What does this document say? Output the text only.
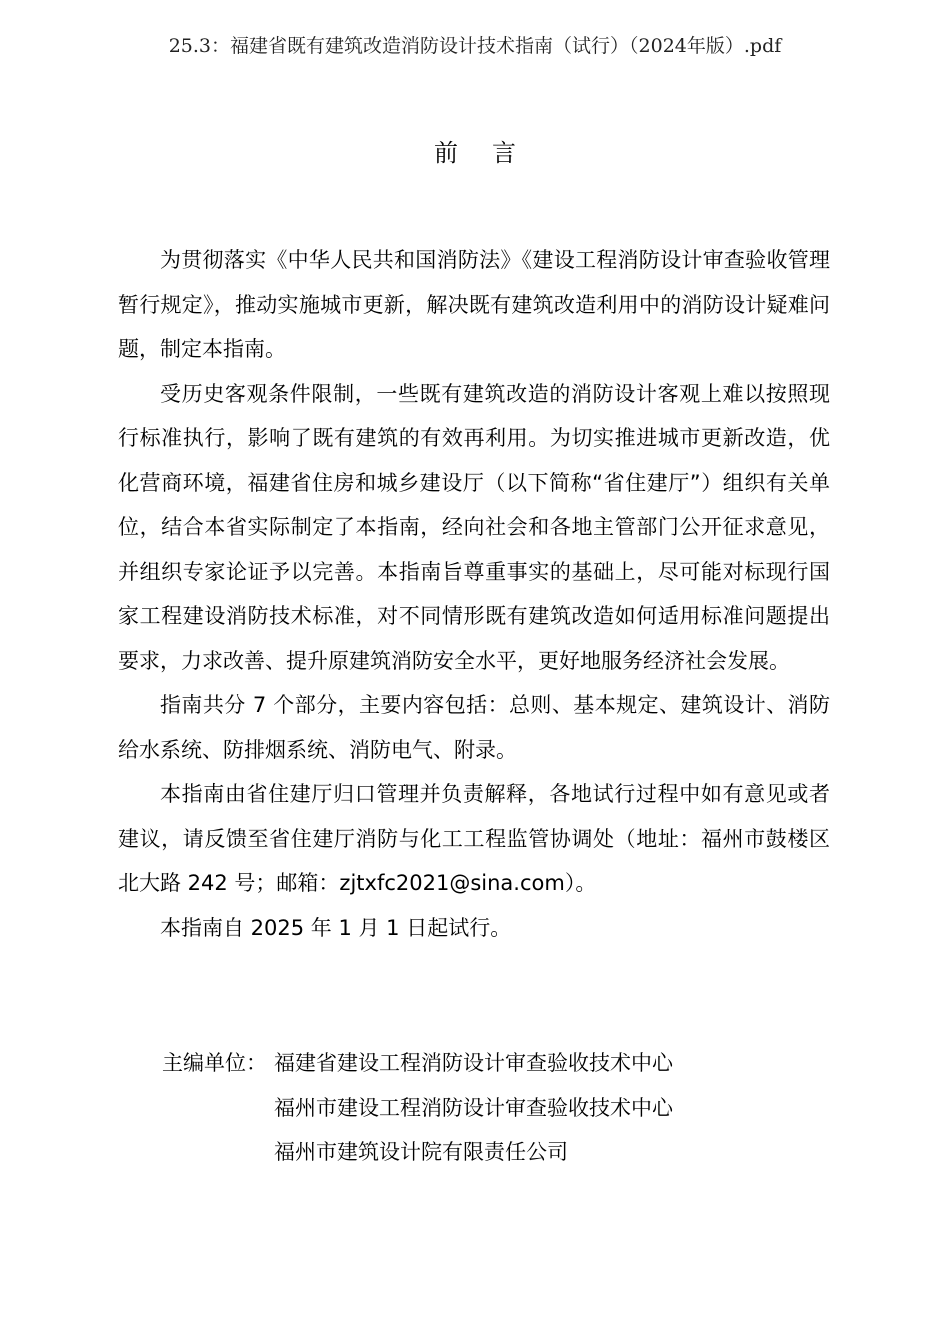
25.3：福建省既有建筑改造消防设计技术指南（试行）（2024年版）.pdf
前言

为贯彻落实《中华人民共和国消防法》《建设工程消防设计审查验收管理暂行规定》，推动实施城市更新，解决既有建筑改造利用中的消防设计疑难问题，制定本指南。

受历史客观条件限制，一些既有建筑改造的消防设计客观上难以按照现行标准执行，影响了既有建筑的有效再利用。为切实推进城市更新改造，优化营商环境，福建省住房和城乡建设厅（以下简称“省住建厅”）组织有关单位，结合本省实际制定了本指南，经向社会和各地主管部门公开征求意见，并组织专家论证予以完善。本指南旨尊重事实的基础上，尽可能对标现行国家工程建设消防技术标准，对不同情形既有建筑改造如何适用标准问题提出要求，力求改善、提升原建筑消防安全水平，更好地服务经济社会发展。

指南共分 7 个部分，主要内容包括：总则、基本规定、建筑设计、消防给水系统、防排烟系统、消防电气、附录。

本指南由省住建厅归口管理并负责解释，各地试行过程中如有意见或者建议，请反馈至省住建厅消防与化工工程监管协调处（地址：福州市鼓楼区北大路 242 号；邮箱：zjtxfc2021@sina.com）。

本指南自 2025 年 1 月 1 日起试行。

主编单位： 福建省建设工程消防设计审查验收技术中心
福州市建设工程消防设计审查验收技术中心
福州市建筑设计院有限责任公司
